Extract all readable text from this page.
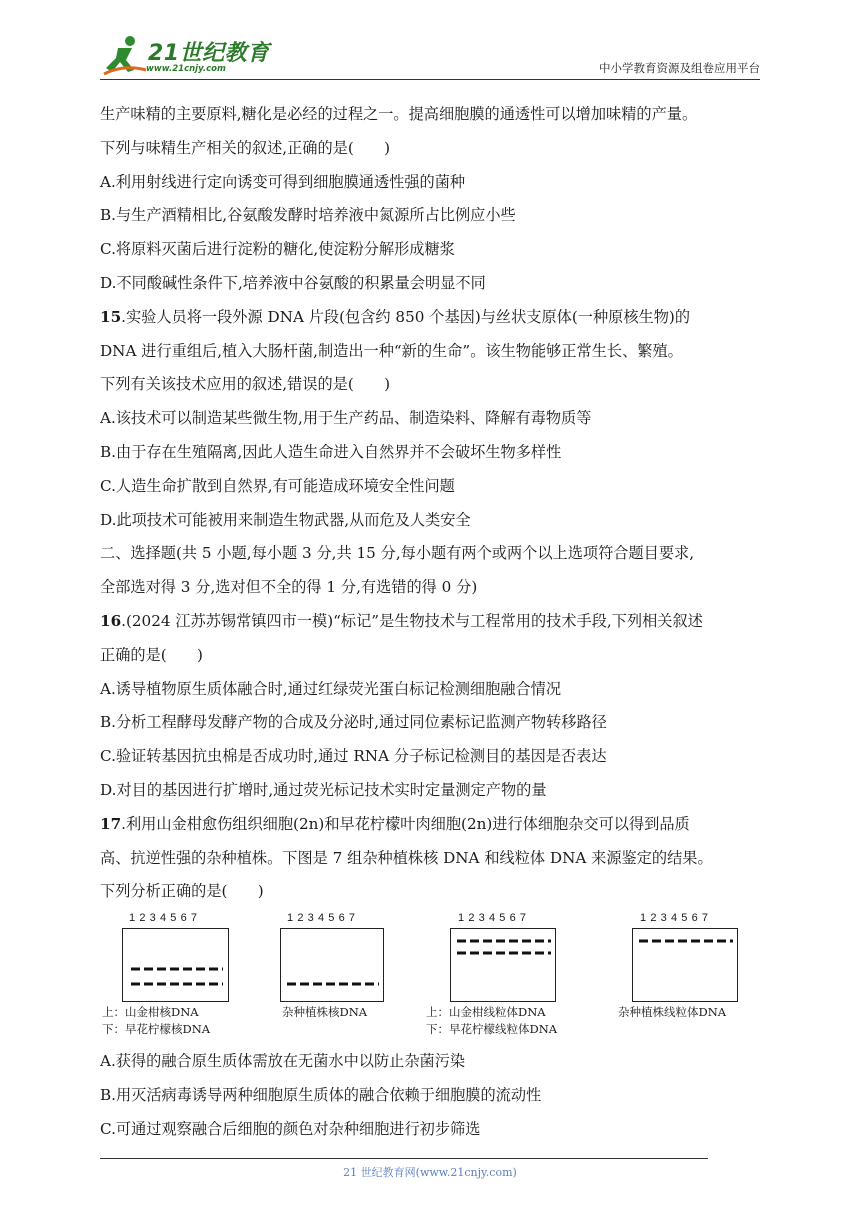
21世纪教育
www.21cnjy.com	中小学教育资源及组卷应用平台
生产味精的主要原料,糖化是必经的过程之一。提高细胞膜的通透性可以增加味精的产量。
下列与味精生产相关的叙述,正确的是(　　)
A.利用射线进行定向诱变可得到细胞膜通透性强的菌种
B.与生产酒精相比,谷氨酸发酵时培养液中氮源所占比例应小些
C.将原料灭菌后进行淀粉的糖化,使淀粉分解形成糖浆
D.不同酸碱性条件下,培养液中谷氨酸的积累量会明显不同
15.实验人员将一段外源 DNA 片段(包含约 850 个基因)与丝状支原体(一种原核生物)的
DNA 进行重组后,植入大肠杆菌,制造出一种“新的生命”。该生物能够正常生长、繁殖。
下列有关该技术应用的叙述,错误的是(　　)
A.该技术可以制造某些微生物,用于生产药品、制造染料、降解有毒物质等
B.由于存在生殖隔离,因此人造生命进入自然界并不会破坏生物多样性
C.人造生命扩散到自然界,有可能造成环境安全性问题
D.此项技术可能被用来制造生物武器,从而危及人类安全
二、选择题(共 5 小题,每小题 3 分,共 15 分,每小题有两个或两个以上选项符合题目要求,
全部选对得 3 分,选对但不全的得 1 分,有选错的得 0 分)
16.(2024 江苏苏锡常镇四市一模)“标记”是生物技术与工程常用的技术手段,下列相关叙述
正确的是(　　)
A.诱导植物原生质体融合时,通过红绿荧光蛋白标记检测细胞融合情况
B.分析工程酵母发酵产物的合成及分泌时,通过同位素标记监测产物转移路径
C.验证转基因抗虫棉是否成功时,通过 RNA 分子标记检测目的基因是否表达
D.对目的基因进行扩增时,通过荧光标记技术实时定量测定产物的量
17.利用山金柑愈伤组织细胞(2n)和早花柠檬叶肉细胞(2n)进行体细胞杂交可以得到品质
高、抗逆性强的杂种植株。下图是 7 组杂种植株核 DNA 和线粒体 DNA 来源鉴定的结果。
下列分析正确的是(　　)
1234567
上：山金柑核DNA
下：早花柠檬核DNA
1234567
杂种植株核DNA
1234567
上：山金柑线粒体DNA
下：早花柠檬线粒体DNA
1234567
杂种植株线粒体DNA
A.获得的融合原生质体需放在无菌水中以防止杂菌污染
B.用灭活病毒诱导两种细胞原生质体的融合依赖于细胞膜的流动性
C.可通过观察融合后细胞的颜色对杂种细胞进行初步筛选
21 世纪教育网(www.21cnjy.com)
